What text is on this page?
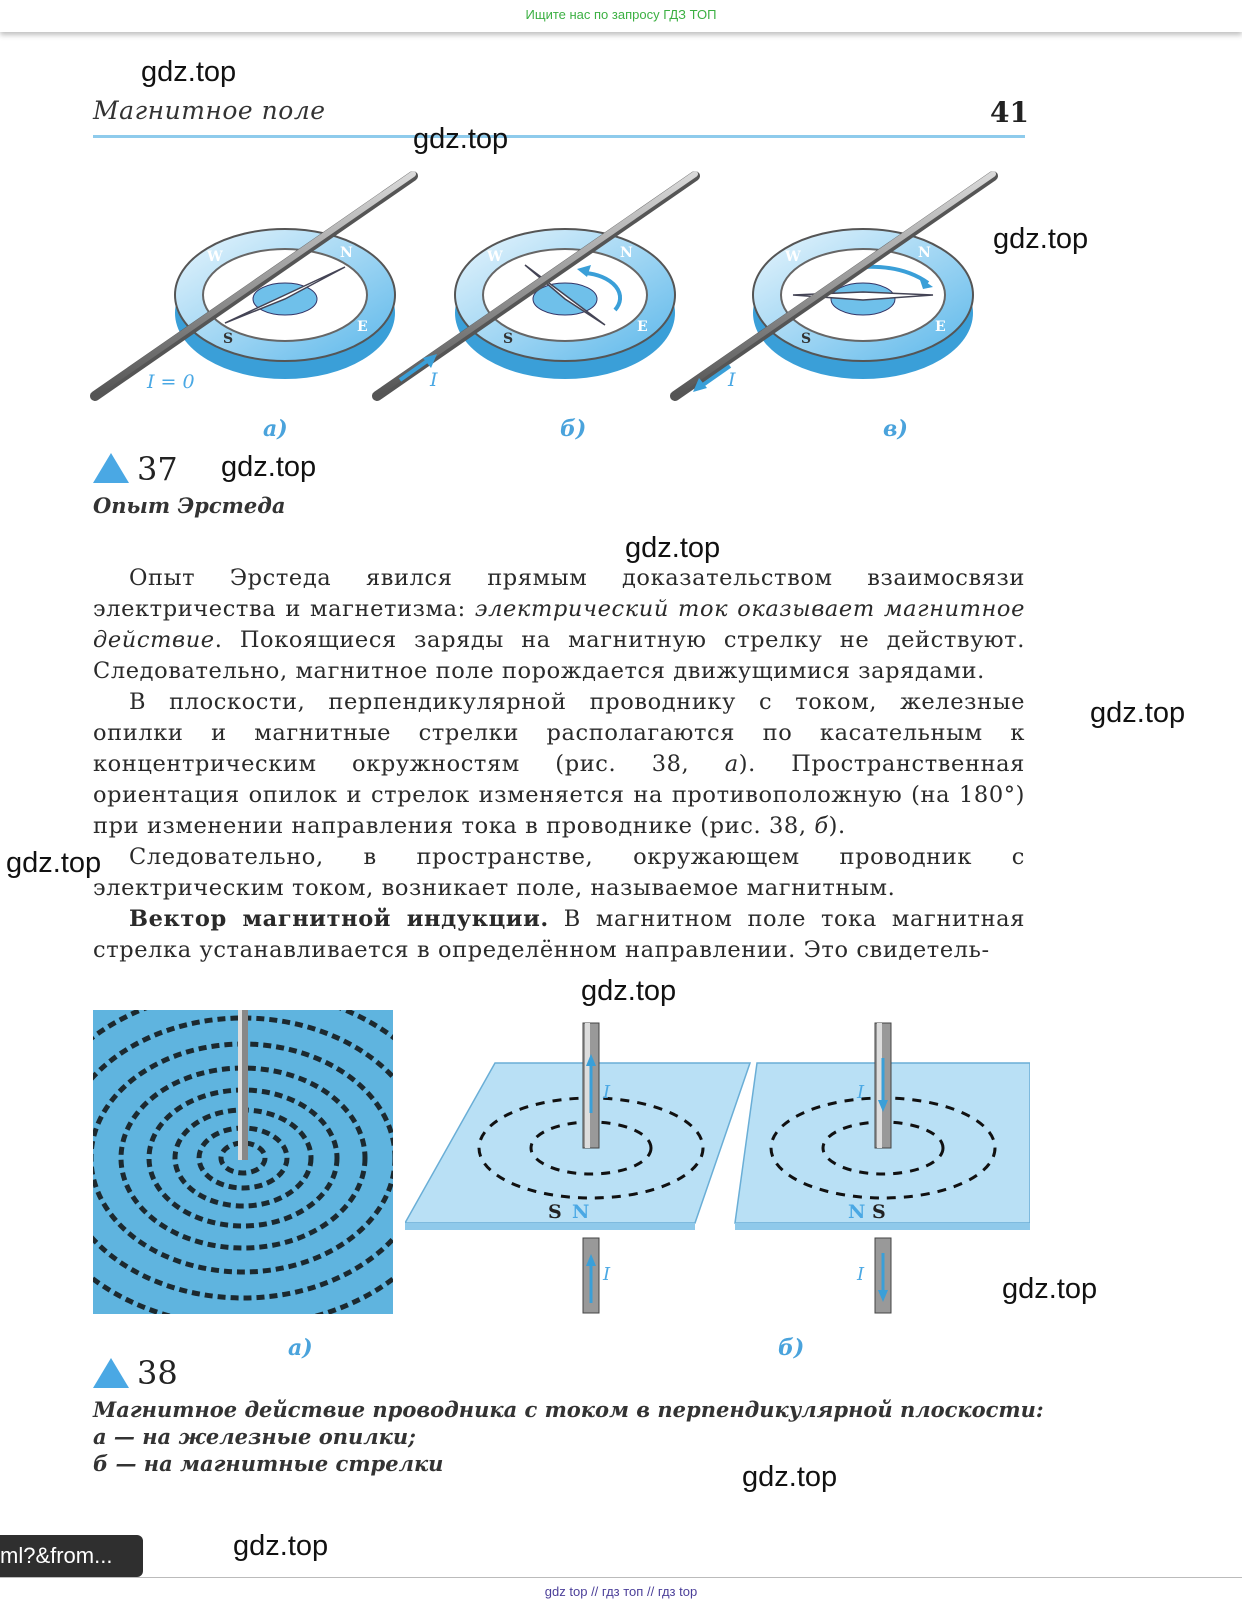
Ищите нас по запросу ГДЗ ТОП
Магнитное поле	41
W	N
S
E
I = 0
W	N
S
E
I
W	N
S
E
I
а)	б)	в)
37
Опыт Эрстеда

Опыт Эрстеда явился прямым доказательством взаимосвязи электричества и магнетизма: электрический ток оказывает магнитное действие. Покоящиеся заряды на магнитную стрелку не действуют. Следовательно, магнитное поле порождается движущимися зарядами.

В плоскости, перпендикулярной проводнику с током, железные опилки и магнитные стрелки располагаются по касательным к концентрическим окружностям (рис. 38, а). Пространственная ориентация опилок и стрелок изменяется на противоположную (на 180°) при изменении направления тока в проводнике (рис. 38, б).

Следовательно, в пространстве, окружающем проводник с электрическим током, возникает поле, называемое магнитным.

Вектор магнитной индукции. В магнитном поле тока магнитная стрелка устанавливается в определённом направлении. Это свидетель-

I
I
S N
I
I
N S
а)	б)
38
Магнитное действие проводника с током в перпендикулярной плоскости:
а — на железные опилки;
б — на магнитные стрелки
gdz.top
gdz.top
gdz.top
gdz.top
gdz.top
gdz.top
gdz.top
gdz.top
gdz.top
gdz.top
gdz.top
ml?&from...
gdz top // гдз топ // гдз top
